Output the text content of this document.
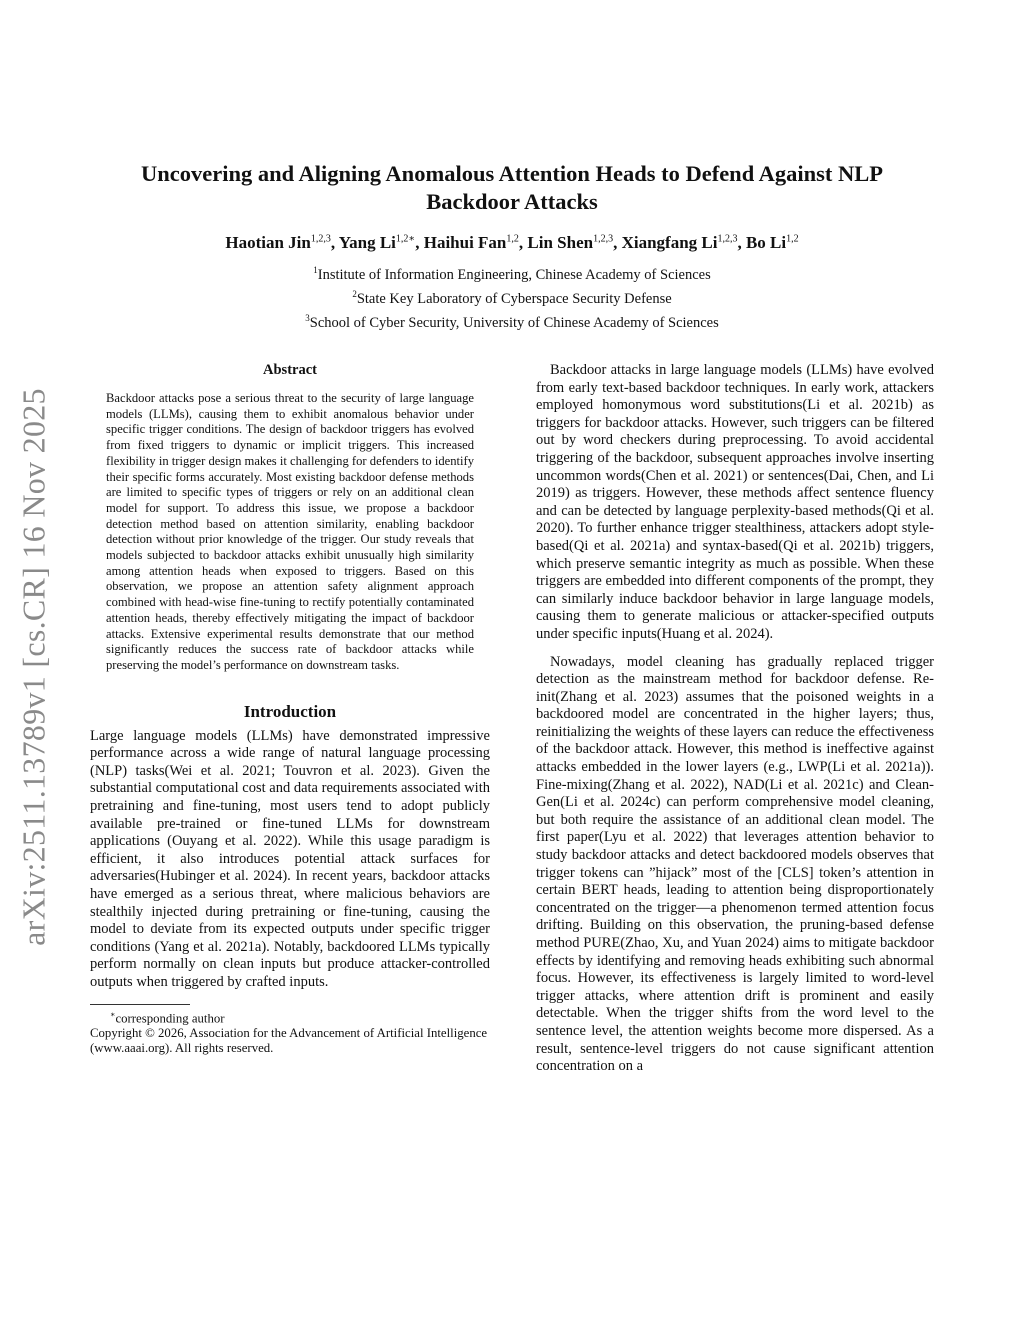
arXiv:2511.13789v1 [cs.CR] 16 Nov 2025
Uncovering and Aligning Anomalous Attention Heads to Defend Against NLP Backdoor Attacks
Haotian Jin$^{1,2,3}$, Yang $Li^{1,2∗}$, Haihui Fan$^{1,2}$, Lin Shen$^{1,2,3}$, Xiangfang Li$^{1,2,3}$, Bo Li$^{1,2}$
$^1$Institute of Information Engineering, Chinese Academy of Sciences
$^2$State Key Laboratory of Cyberspace Security Defense
$^3$School of Cyber Security, University of Chinese Academy of Sciences
Abstract

Backdoor attacks pose a serious threat to the security of large language models (LLMs), causing them to exhibit anomalous behavior under specific trigger conditions. The design of backdoor triggers has evolved from fixed triggers to dynamic or implicit triggers. This increased flexibility in trigger design makes it challenging for defenders to identify their specific forms accurately. Most existing backdoor defense methods are limited to specific types of triggers or rely on an additional clean model for support. To address this issue, we propose a backdoor detection method based on attention similarity, enabling backdoor detection without prior knowledge of the trigger. Our study reveals that models subjected to backdoor attacks exhibit unusually high similarity among attention heads when exposed to triggers. Based on this observation, we propose an attention safety alignment approach combined with head-wise fine-tuning to rectify potentially contaminated attention heads, thereby effectively mitigating the impact of backdoor attacks. Extensive experimental results demonstrate that our method significantly reduces the success rate of backdoor attacks while preserving the model’s performance on downstream tasks.

Introduction

Large language models (LLMs) have demonstrated impressive performance across a wide range of natural language processing (NLP) tasks(Wei et al. 2021; Touvron et al. 2023). Given the substantial computational cost and data requirements associated with pretraining and fine-tuning, most users tend to adopt publicly available pre-trained or fine-tuned LLMs for downstream applications (Ouyang et al. 2022). While this usage paradigm is efficient, it also introduces potential attack surfaces for adversaries(Hubinger et al. 2024). In recent years, backdoor attacks have emerged as a serious threat, where malicious behaviors are stealthily injected during pretraining or fine-tuning, causing the model to deviate from its expected outputs under specific trigger conditions (Yang et al. 2021a). Notably, backdoored LLMs typically perform normally on clean inputs but produce attacker-controlled outputs when triggered by crafted inputs.

∗corresponding author

Copyright © 2026, Association for the Advancement of Artificial Intelligence (www.aaai.org). All rights reserved.

Backdoor attacks in large language models (LLMs) have evolved from early text-based backdoor techniques. In early work, attackers employed homonymous word substitutions(Li et al. 2021b) as triggers for backdoor attacks. However, such triggers can be filtered out by word checkers during preprocessing. To avoid accidental triggering of the backdoor, subsequent approaches involve inserting uncommon words(Chen et al. 2021) or sentences(Dai, Chen, and Li 2019) as triggers. However, these methods affect sentence fluency and can be detected by language perplexity-based methods(Qi et al. 2020). To further enhance trigger stealthiness, attackers adopt style-based(Qi et al. 2021a) and syntax-based(Qi et al. 2021b) triggers, which preserve semantic integrity as much as possible. When these triggers are embedded into different components of the prompt, they can similarly induce backdoor behavior in large language models, causing them to generate malicious or attacker-specified outputs under specific inputs(Huang et al. 2024).

Nowadays, model cleaning has gradually replaced trigger detection as the mainstream method for backdoor defense. Re-init(Zhang et al. 2023) assumes that the poisoned weights in a backdoored model are concentrated in the higher layers; thus, reinitializing the weights of these layers can reduce the effectiveness of the backdoor attack. However, this method is ineffective against attacks embedded in the lower layers (e.g., LWP(Li et al. 2021a)). Fine-mixing(Zhang et al. 2022), NAD(Li et al. 2021c) and Clean-Gen(Li et al. 2024c) can perform comprehensive model cleaning, but both require the assistance of an additional clean model. The first paper(Lyu et al. 2022) that leverages attention behavior to study backdoor attacks and detect backdoored models observes that trigger tokens can ”hijack” most of the [CLS] token’s attention in certain BERT heads, leading to attention being disproportionately concentrated on the trigger—a phenomenon termed attention focus drifting. Building on this observation, the pruning-based defense method PURE(Zhao, Xu, and Yuan 2024) aims to mitigate backdoor effects by identifying and removing heads exhibiting such abnormal focus. However, its effectiveness is largely limited to word-level trigger attacks, where attention drift is prominent and easily detectable. When the trigger shifts from the word level to the sentence level, the attention weights become more dispersed. As a result, sentence-level triggers do not cause significant attention concentration on a
